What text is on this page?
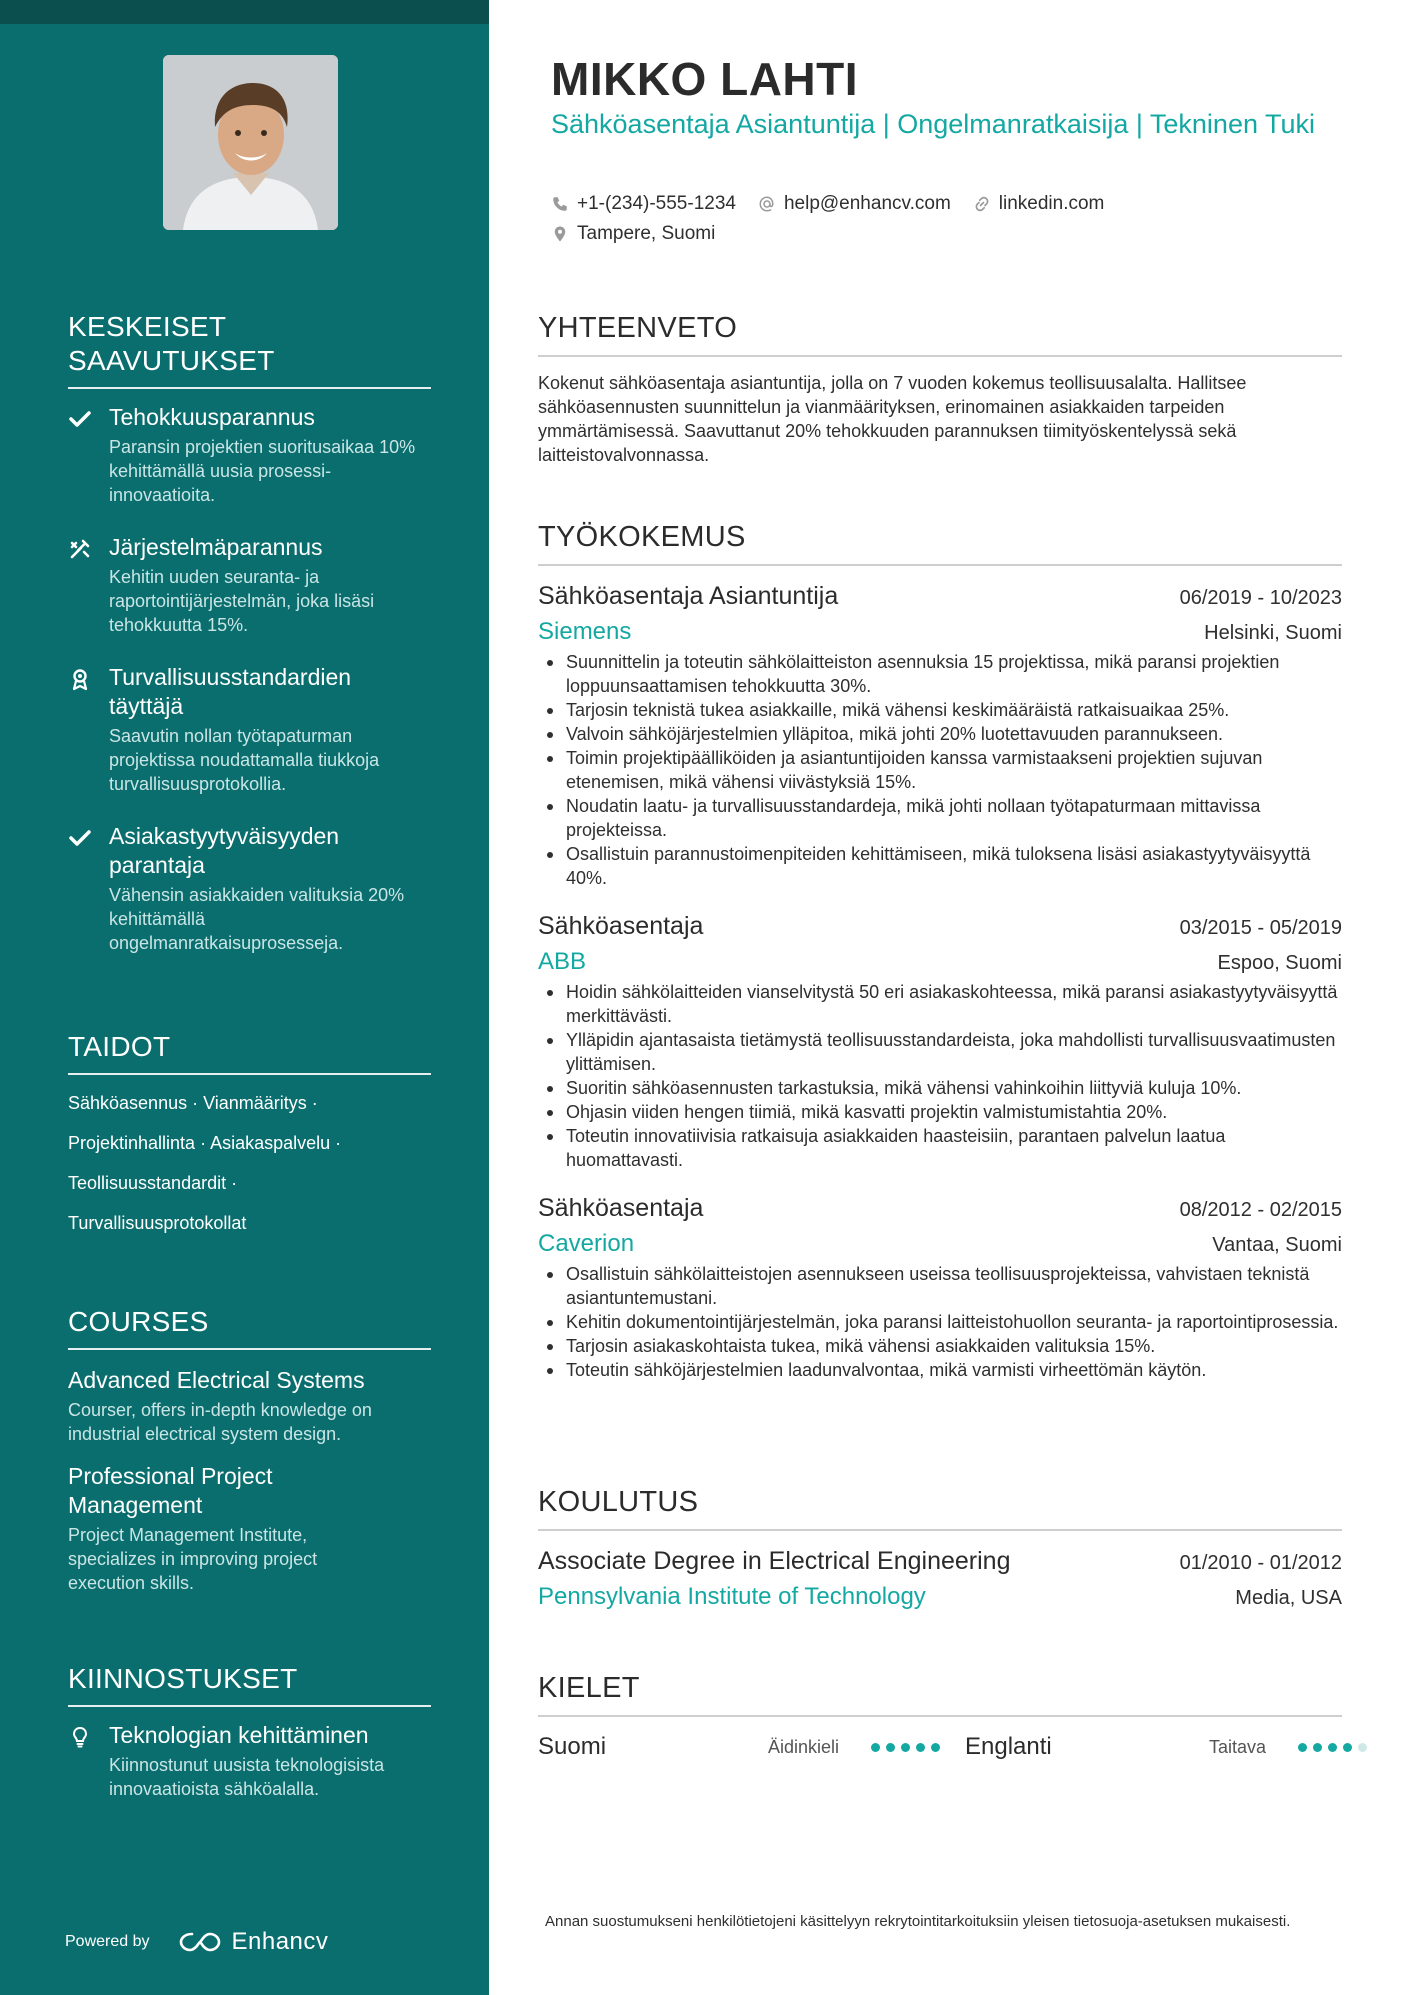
KESKEISET SAAVUTUKSET
Tehokkuusparannus
Paransin projektien suoritusaikaa 10% kehittämällä uusia prosessi-innovaatioita.
Järjestelmäparannus
Kehitin uuden seuranta- ja raportointijärjestelmän, joka lisäsi tehokkuutta 15%.
Turvallisuusstandardien täyttäjä
Saavutin nollan työtapaturman projektissa noudattamalla tiukkoja turvallisuusprotokollia.
Asiakastyytyväisyyden parantaja
Vähensin asiakkaiden valituksia 20% kehittämällä ongelmanratkaisuprosesseja.
TAIDOT
Sähköasennus · Vianmääritys ·
Projektinhallinta · Asiakaspalvelu ·
Teollisuusstandardit ·
Turvallisuusprotokollat
COURSES
Advanced Electrical Systems
Courser, offers in-depth knowledge on industrial electrical system design.
Professional Project Management
Project Management Institute, specializes in improving project execution skills.
KIINNOSTUKSET
Teknologian kehittäminen
Kiinnostunut uusista teknologisista innovaatioista sähköalalla.
Powered by	Enhancv
MIKKO LAHTI
Sähköasentaja Asiantuntija | Ongelmanratkaisija | Tekninen Tuki
+1-(234)-555-1234	help@enhancv.com	linkedin.com
Tampere, Suomi
YHTEENVETO

Kokenut sähköasentaja asiantuntija, jolla on 7 vuoden kokemus teollisuusalalta. Hallitsee sähköasennusten suunnittelun ja vianmäärityksen, erinomainen asiakkaiden tarpeiden ymmärtämisessä. Saavuttanut 20% tehokkuuden parannuksen tiimityöskentelyssä sekä laitteistovalvonnassa.

TYÖKOKEMUS
Sähköasentaja Asiantuntija	06/2019 - 10/2023
Siemens	Helsinki, Suomi
Suunnittelin ja toteutin sähkölaitteiston asennuksia 15 projektissa, mikä paransi projektien loppuunsaattamisen tehokkuutta 30%.
Tarjosin teknistä tukea asiakkaille, mikä vähensi keskimääräistä ratkaisuaikaa 25%.
Valvoin sähköjärjestelmien ylläpitoa, mikä johti 20% luotettavuuden parannukseen.
Toimin projektipäälliköiden ja asiantuntijoiden kanssa varmistaakseni projektien sujuvan etenemisen, mikä vähensi viivästyksiä 15%.
Noudatin laatu- ja turvallisuusstandardeja, mikä johti nollaan työtapaturmaan mittavissa projekteissa.
Osallistuin parannustoimenpiteiden kehittämiseen, mikä tuloksena lisäsi asiakastyytyväisyyttä 40%.
Sähköasentaja	03/2015 - 05/2019
ABB	Espoo, Suomi
Hoidin sähkölaitteiden vianselvitystä 50 eri asiakaskohteessa, mikä paransi asiakastyytyväisyyttä merkittävästi.
Ylläpidin ajantasaista tietämystä teollisuusstandardeista, joka mahdollisti turvallisuusvaatimusten ylittämisen.
Suoritin sähköasennusten tarkastuksia, mikä vähensi vahinkoihin liittyviä kuluja 10%.
Ohjasin viiden hengen tiimiä, mikä kasvatti projektin valmistumistahtia 20%.
Toteutin innovatiivisia ratkaisuja asiakkaiden haasteisiin, parantaen palvelun laatua huomattavasti.
Sähköasentaja	08/2012 - 02/2015
Caverion	Vantaa, Suomi
Osallistuin sähkölaitteistojen asennukseen useissa teollisuusprojekteissa, vahvistaen teknistä asiantuntemustani.
Kehitin dokumentointijärjestelmän, joka paransi laitteistohuollon seuranta- ja raportointiprosessia.
Tarjosin asiakaskohtaista tukea, mikä vähensi asiakkaiden valituksia 15%.
Toteutin sähköjärjestelmien laadunvalvontaa, mikä varmisti virheettömän käytön.
KOULUTUS
Associate Degree in Electrical Engineering	01/2010 - 01/2012
Pennsylvania Institute of Technology	Media, USA
KIELET
Suomi	Äidinkieli	Englanti	Taitava
Annan suostumukseni henkilötietojeni käsittelyyn rekrytointitarkoituksiin yleisen tietosuoja-asetuksen mukaisesti.
